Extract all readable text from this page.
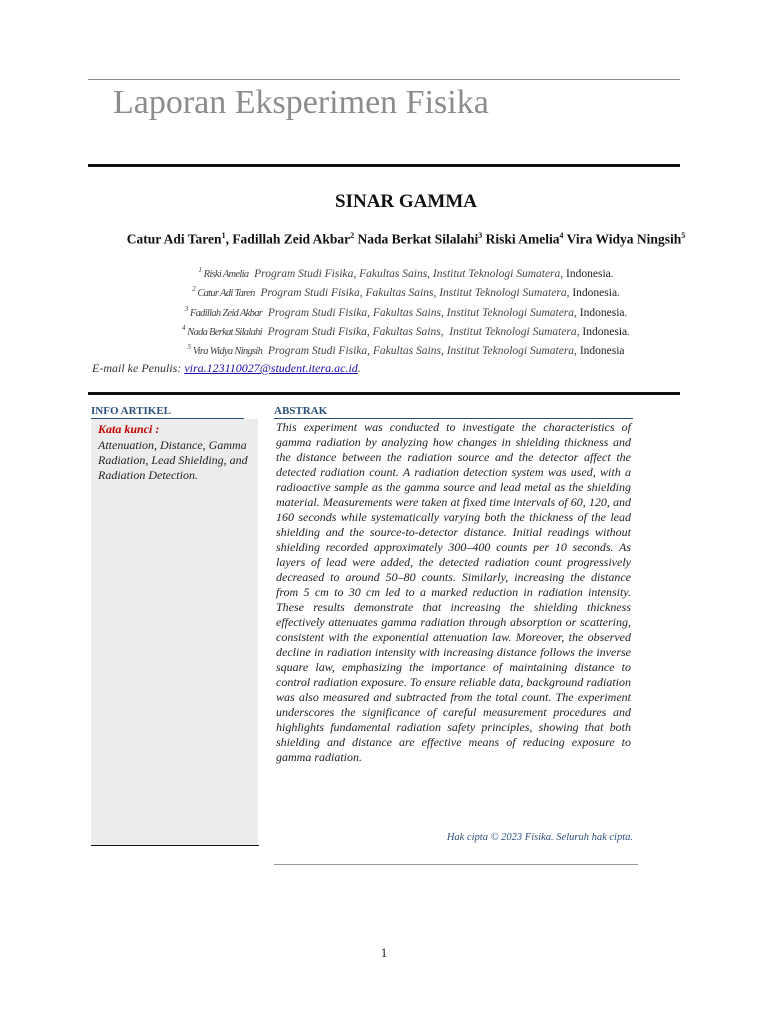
Laporan Eksperimen Fisika
SINAR GAMMA
Catur Adi Taren$^1$, Fadillah Zeid Akbar$^2$ Nada Berkat Silalahi$^3$ Riski Amelia$^4$ Vira Widya Ningsih$^5$
$^1$ Riski Amelia  Program Studi Fisika, Fakultas Sains, Institut Teknologi Sumatera, Indonesia.
$^2$ Catur Adi Taren  Program Studi Fisika, Fakultas Sains, Institut Teknologi Sumatera, Indonesia.
$^3$ Fadillah Zeid Akbar  Program Studi Fisika, Fakultas Sains, Institut Teknologi Sumatera, Indonesia.
$^4$ Nada Berkat Silalahi  Program Studi Fisika, Fakultas Sains,  Institut Teknologi Sumatera, Indonesia.
$^5$ Vira Widya Ningsih  Program Studi Fisika, Fakultas Sains, Institut Teknologi Sumatera, Indonesia
E-mail ke Penulis: vira.123110027@student.itera.ac.id.
INFO ARTIKEL	ABSTRAK
Kata kunci :
Attenuation, Distance, Gamma Radiation, Lead Shielding, and Radiation Detection.
This experiment was conducted to investigate the characteristics of gamma radiation by analyzing how changes in shielding thickness and the distance between the radiation source and the detector affect the detected radiation count. A radiation detection system was used, with a radioactive sample as the gamma source and lead metal as the shielding material. Measurements were taken at fixed time intervals of 60, 120, and 160 seconds while systematically varying both the thickness of the lead shielding and the source-to-detector distance. Initial readings without shielding recorded approximately 300–400 counts per 10 seconds. As layers of lead were added, the detected radiation count progressively decreased to around 50–80 counts. Similarly, increasing the distance from 5 cm to 30 cm led to a marked reduction in radiation intensity. These results demonstrate that increasing the shielding thickness effectively attenuates gamma radiation through absorption or scattering, consistent with the exponential attenuation law. Moreover, the observed decline in radiation intensity with increasing distance follows the inverse square law, emphasizing the importance of maintaining distance to control radiation exposure. To ensure reliable data, background radiation was also measured and subtracted from the total count. The experiment underscores the significance of careful measurement procedures and highlights fundamental radiation safety principles, showing that both shielding and distance are effective means of reducing exposure to gamma radiation.
Hak cipta © 2023 Fisika. Seluruh hak cipta.
1
